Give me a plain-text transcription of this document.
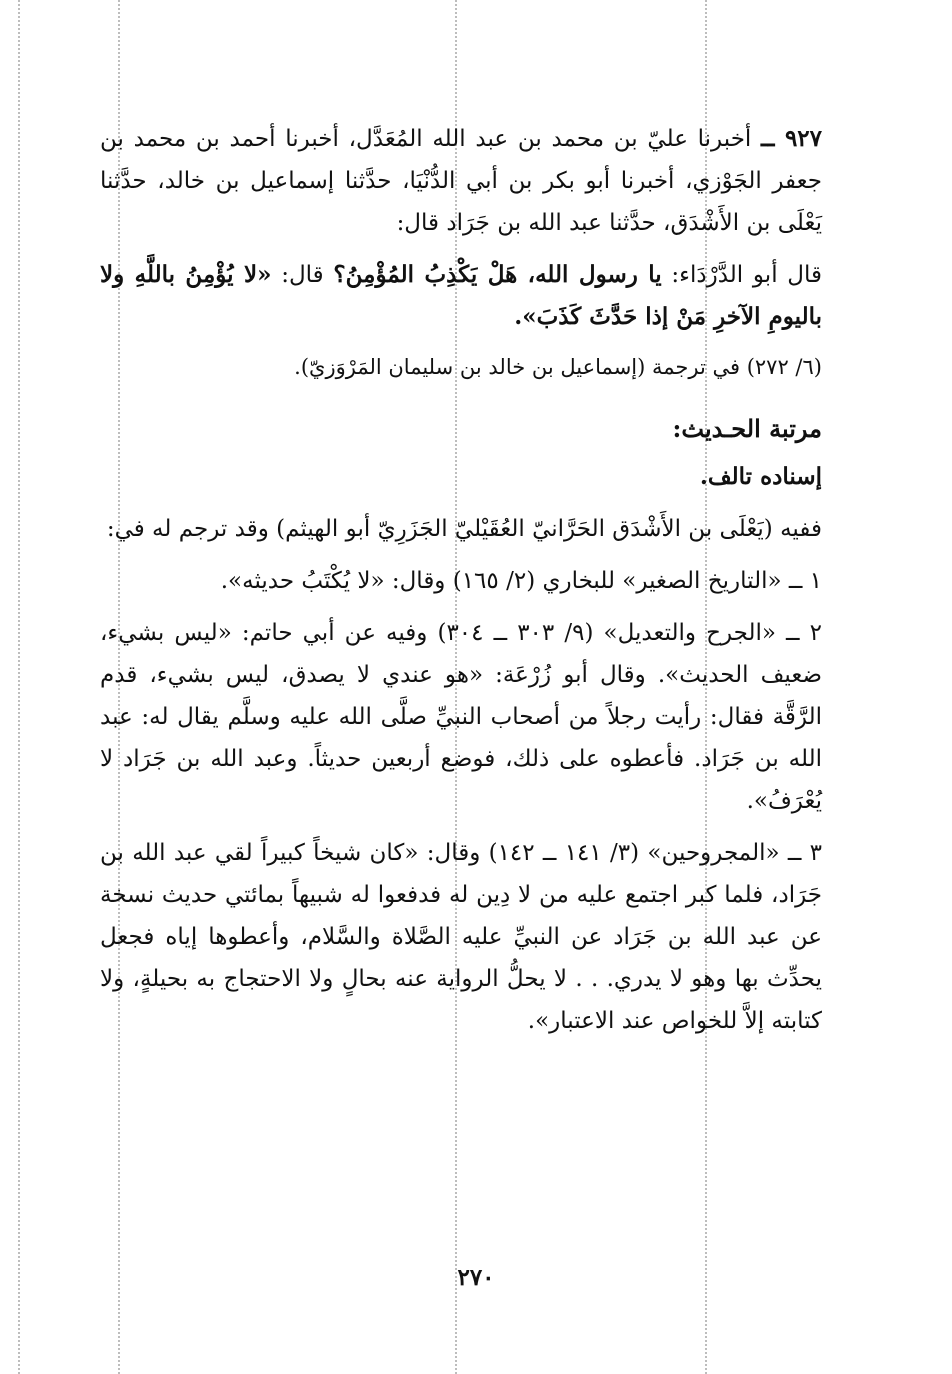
٩٢٧ ــ أخبرنا عليّ بن محمد بن عبد الله المُعَدَّل، أخبرنا أحمد بن محمد بن جعفر الجَوْزي، أخبرنا أبو بكر بن أبي الدُّنْيَا، حدَّثنا إسماعيل بن خالد، حدَّثنا يَعْلَى بن الأَشْدَق، حدَّثنا عبد الله بن جَرَاد قال:

قال أبو الدَّرْدَاء: يا رسول الله، هَلْ يَكْذِبُ المُؤْمِنُ؟ قال: «لا يُؤْمِنُ باللَّهِ ولا باليومِ الآخرِ مَنْ إذا حَدَّثَ كَذَبَ».

(٦/ ٢٧٢) في ترجمة (إسماعيل بن خالد بن سليمان المَرْوَزيّ).

مرتبة الحـديث:
إسناده تالف.

ففيه (يَعْلَى بن الأَشْدَق الحَرَّانيّ العُقَيْليّ الجَزَرِيّ أبو الهيثم) وقد ترجم له في:

١ ــ «التاريخ الصغير» للبخاري (٢/ ١٦٥) وقال: «لا يُكْتَبُ حديثه».

٢ ــ «الجرح والتعديل» (٩/ ٣٠٣ ــ ٣٠٤) وفيه عن أبي حاتم: «ليس بشيء، ضعيف الحديث». وقال أبو زُرْعَة: «هو عندي لا يصدق، ليس بشيء، قدم الرَّقَّة فقال: رأيت رجلاً من أصحاب النبيِّ صلَّى الله عليه وسلَّم يقال له: عبد الله بن جَرَاد. فأعطوه على ذلك، فوضع أربعين حديثاً. وعبد الله بن جَرَاد لا يُعْرَفُ».

٣ ــ «المجروحين» (٣/ ١٤١ ــ ١٤٢) وقال: «كان شيخاً كبيراً لقي عبد الله بن جَرَاد، فلما كبر اجتمع عليه من لا دِين له فدفعوا له شبيهاً بمائتي حديث نسخة عن عبد الله بن جَرَاد عن النبيِّ عليه الصَّلاة والسَّلام، وأعطوها إياه فجعل يحدِّث بها وهو لا يدري. . . لا يحلُّ الرواية عنه بحالٍ ولا الاحتجاج به بحيلةٍ، ولا كتابته إلاَّ للخواص عند الاعتبار».

٢٧٠
